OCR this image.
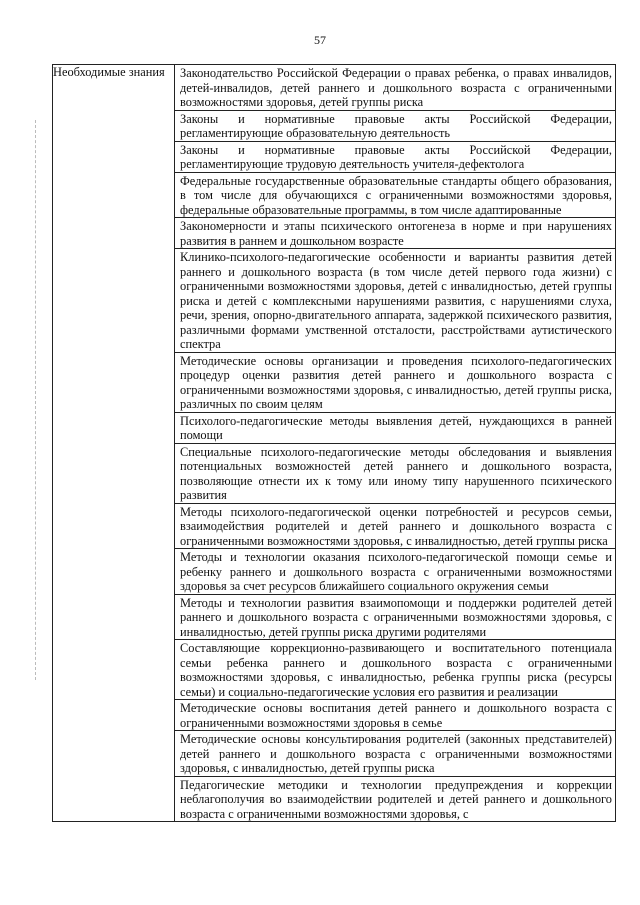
57
Необходимые знания	Законодательство Российской Федерации о правах ребенка, о правах инвалидов, детей-инвалидов, детей раннего и дошкольного возраста с ограниченными возможностями здоровья, детей группы риска
Законы и нормативные правовые акты Российской Федерации, регламентирующие образовательную деятельность
Законы и нормативные правовые акты Российской Федерации, регламентирующие трудовую деятельность учителя-дефектолога
Федеральные государственные образовательные стандарты общего образования, в том числе для обучающихся с ограниченными возможностями здоровья, федеральные образовательные программы, в том числе адаптированные
Закономерности и этапы психического онтогенеза в норме и при нарушениях развития в раннем и дошкольном возрасте
Клинико-психолого-педагогические особенности и варианты развития детей раннего и дошкольного возраста (в том числе детей первого года жизни) с ограниченными возможностями здоровья, детей с инвалидностью, детей группы риска и детей с комплексными нарушениями развития, с нарушениями слуха, речи, зрения, опорно-двигательного аппарата, задержкой психического развития, различными формами умственной отсталости, расстройствами аутистического спектра
Методические основы организации и проведения психолого-педагогических процедур оценки развития детей раннего и дошкольного возраста с ограниченными возможностями здоровья, с инвалидностью, детей группы риска, различных по своим целям
Психолого-педагогические методы выявления детей, нуждающихся в ранней помощи
Специальные психолого-педагогические методы обследования и выявления потенциальных возможностей детей раннего и дошкольного возраста, позволяющие отнести их к тому или иному типу нарушенного психического развития
Методы психолого-педагогической оценки потребностей и ресурсов семьи, взаимодействия родителей и детей раннего и дошкольного возраста с ограниченными возможностями здоровья, с инвалидностью, детей группы риска
Методы и технологии оказания психолого-педагогической помощи семье и ребенку раннего и дошкольного возраста с ограниченными возможностями здоровья за счет ресурсов ближайшего социального окружения семьи
Методы и технологии развития взаимопомощи и поддержки родителей детей раннего и дошкольного возраста с ограниченными возможностями здоровья, с инвалидностью, детей группы риска другими родителями
Составляющие коррекционно-развивающего и воспитательного потенциала семьи ребенка раннего и дошкольного возраста с ограниченными возможностями здоровья, с инвалидностью, ребенка группы риска (ресурсы семьи) и социально-педагогические условия его развития и реализации
Методические основы воспитания детей раннего и дошкольного возраста с ограниченными возможностями здоровья в семье
Методические основы консультирования родителей (законных представителей) детей раннего и дошкольного возраста с ограниченными возможностями здоровья, с инвалидностью, детей группы риска
Педагогические методики и технологии предупреждения и коррекции неблагополучия во взаимодействии родителей и детей раннего и дошкольного возраста с ограниченными возможностями здоровья, с
